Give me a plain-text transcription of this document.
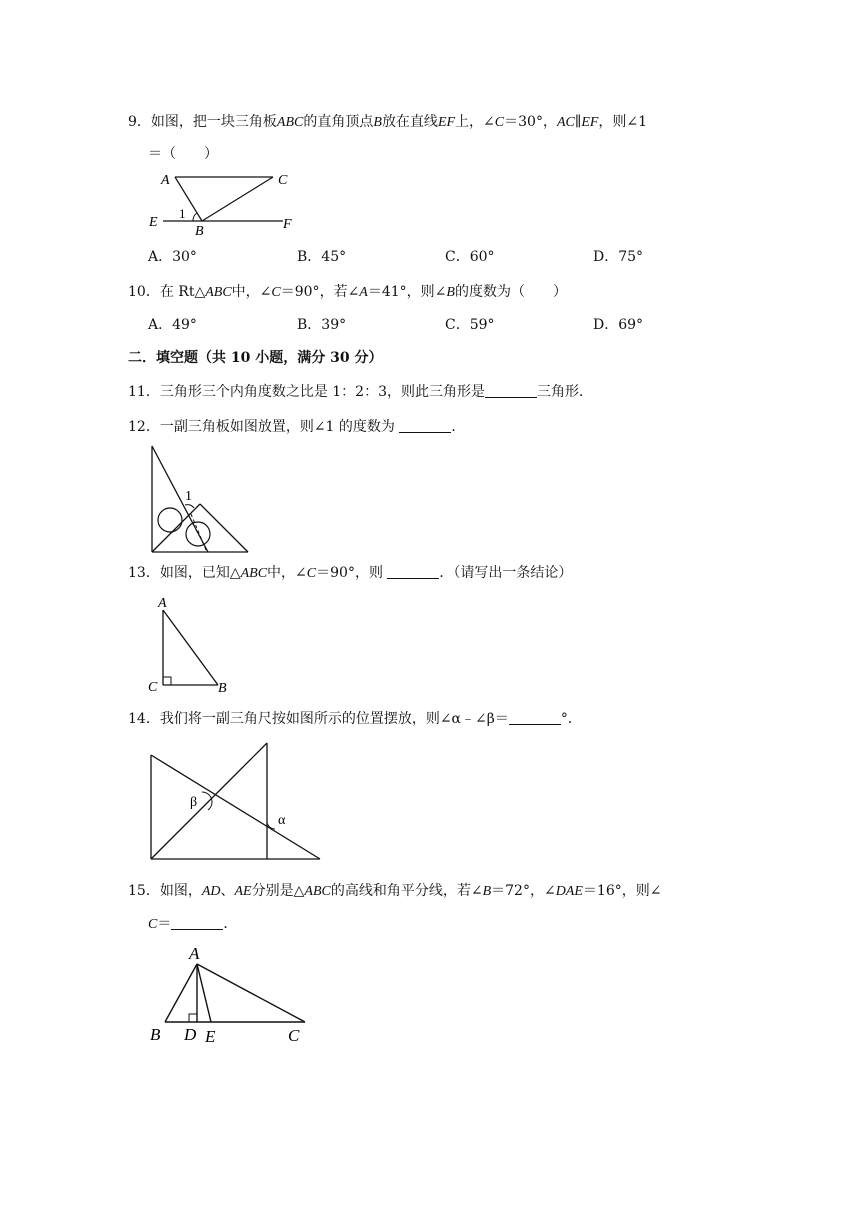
9．如图，把一块三角板ABC的直角顶点B放在直线EF上，∠C＝30°，AC∥EF，则∠1
＝（　　）
A	C
E
1
B	F
A．30°	B．45°	C．60°	D．75°
10．在 Rt△ABC中，∠C＝90°，若∠A＝41°，则∠B的度数为（　　）
A．49°	B．39°	C．59°	D．69°
二．填空题（共 10 小题，满分 30 分）
11．三角形三个内角度数之比是 1：2：3，则此三角形是	三角形．
12．一副三角板如图放置，则∠1 的度数为	．
1
13．如图，已知△ABC中，∠C＝90°，则	．（请写出一条结论）
A
C	B
14．我们将一副三角尺按如图所示的位置摆放，则∠α﹣∠β＝	°．
β
α
15．如图，AD、AE分别是△ABC的高线和角平分线，若∠B＝72°，∠DAE＝16°，则∠
C＝	．
A
B D E	C
